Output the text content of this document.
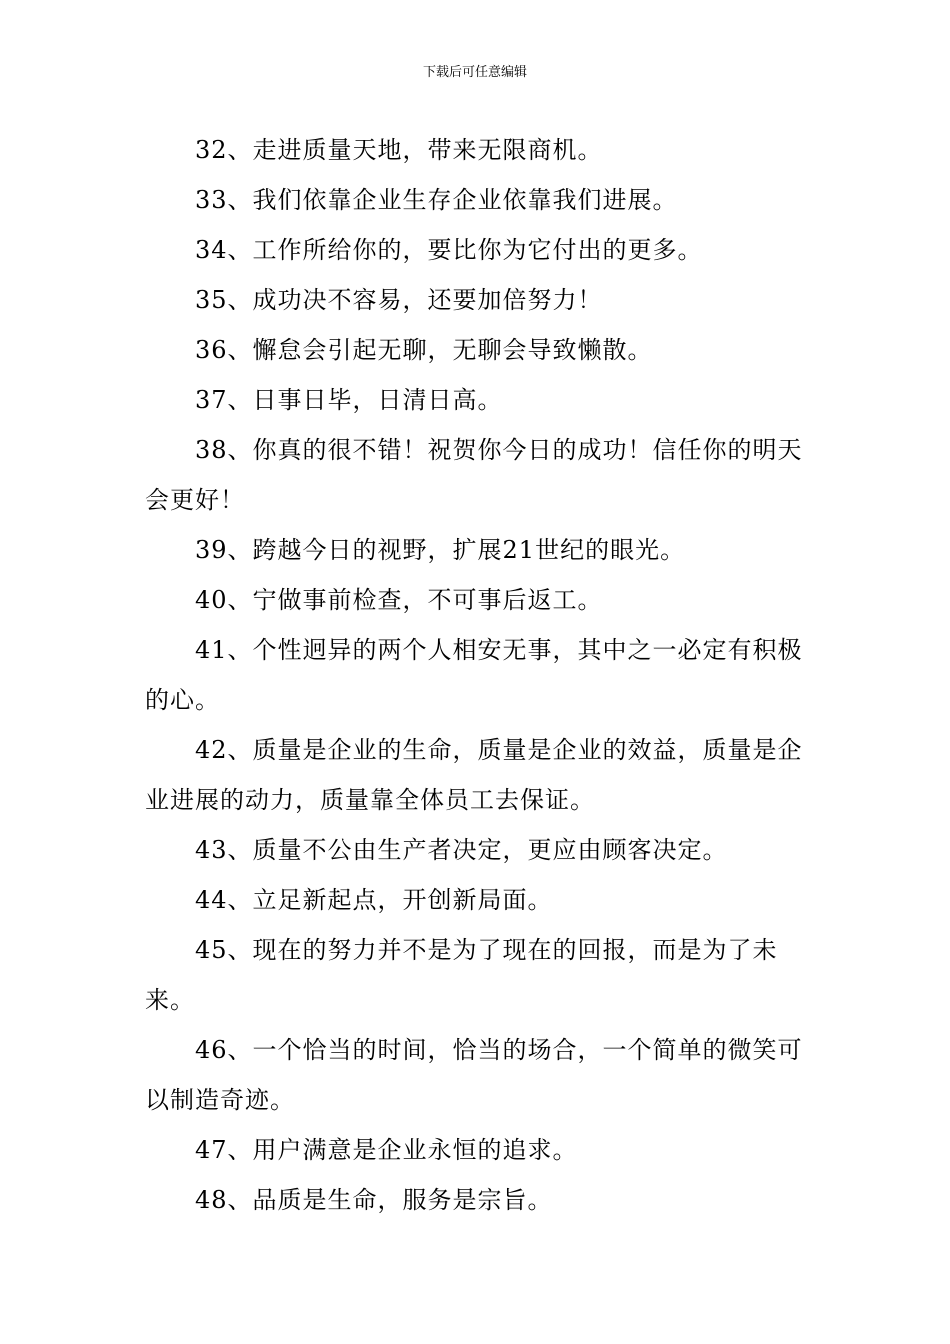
下载后可任意编辑

32、走进质量天地，带来无限商机。

33、我们依靠企业生存企业依靠我们进展。

34、工作所给你的，要比你为它付出的更多。

35、成功决不容易，还要加倍努力！

36、懈怠会引起无聊，无聊会导致懒散。

37、日事日毕，日清日高。

38、你真的很不错！祝贺你今日的成功！信任你的明天会更好！

39、跨越今日的视野，扩展21世纪的眼光。

40、宁做事前检查，不可事后返工。

41、个性迥异的两个人相安无事，其中之一必定有积极的心。

42、质量是企业的生命，质量是企业的效益，质量是企业进展的动力，质量靠全体员工去保证。

43、质量不公由生产者决定，更应由顾客决定。

44、立足新起点，开创新局面。

45、现在的努力并不是为了现在的回报，而是为了未来。

46、一个恰当的时间，恰当的场合，一个简单的微笑可以制造奇迹。

47、用户满意是企业永恒的追求。

48、品质是生命，服务是宗旨。
